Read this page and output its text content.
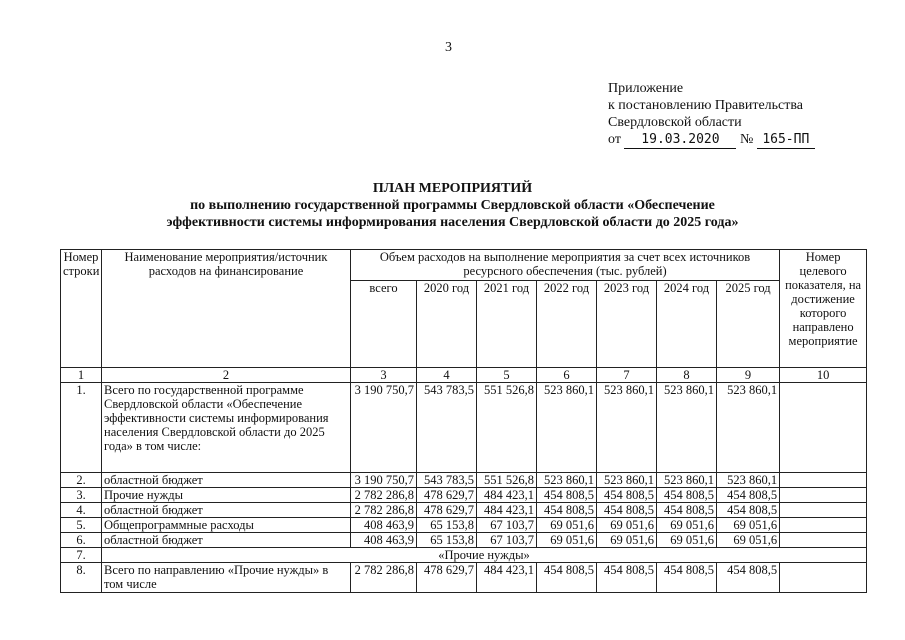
3
Приложение
к постановлению Правительства
Свердловской области
от 19.03.2020 № 165-ПП
ПЛАН МЕРОПРИЯТИЙ
по выполнению государственной программы Свердловской области «Обеспечение
эффективности системы информирования населения Свердловской области до 2025 года»
Номер строки	Наименование мероприятия/источник расходов на финансирование	Объем расходов на выполнение мероприятия за счет всех источников ресурсного обеспечения (тыс. рублей)							Номер целевого показателя, на достижение которого направлено мероприятие
		всего	2020 год	2021 год	2022 год	2023 год	2024 год	2025 год	
1	2	3	4	5	6	7	8	9	10
1.	Всего по государственной программе Свердловской области «Обеспечение эффективности системы информирования населения Свердловской области до 2025 года» в том числе:	3 190 750,7	543 783,5	551 526,8	523 860,1	523 860,1	523 860,1	523 860,1	
2.	областной бюджет	3 190 750,7	543 783,5	551 526,8	523 860,1	523 860,1	523 860,1	523 860,1	
3.	Прочие нужды	2 782 286,8	478 629,7	484 423,1	454 808,5	454 808,5	454 808,5	454 808,5	
4.	областной бюджет	2 782 286,8	478 629,7	484 423,1	454 808,5	454 808,5	454 808,5	454 808,5	
5.	Общепрограммные расходы	408 463,9	65 153,8	67 103,7	69 051,6	69 051,6	69 051,6	69 051,6	
6.	областной бюджет	408 463,9	65 153,8	67 103,7	69 051,6	69 051,6	69 051,6	69 051,6	
7.	«Прочие нужды»								
8.	Всего по направлению «Прочие нужды» в том числе	2 782 286,8	478 629,7	484 423,1	454 808,5	454 808,5	454 808,5	454 808,5	
